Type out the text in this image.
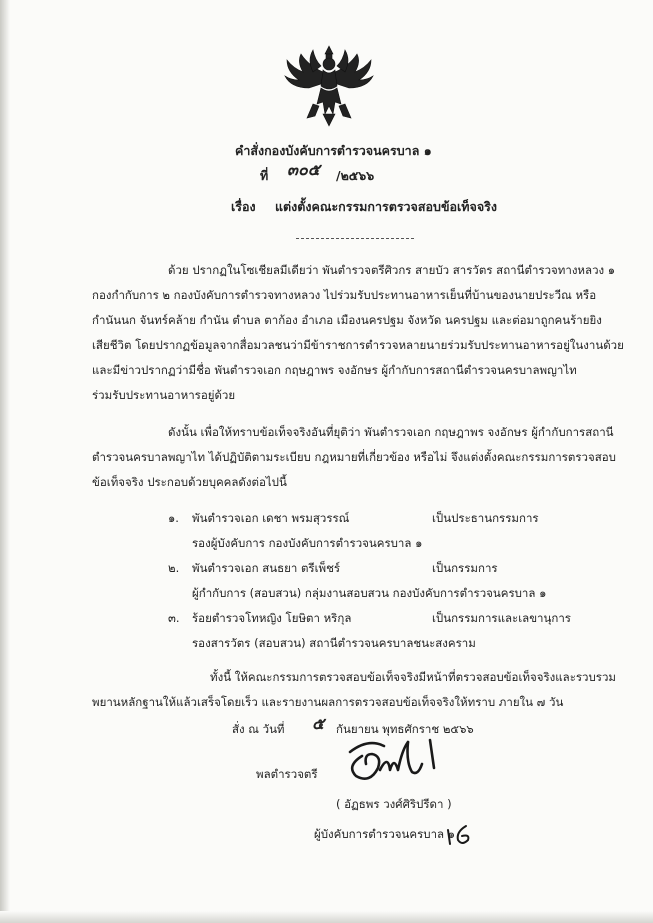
คำสั่งกองบังคับการตำรวจนครบาล ๑
ที่ ๓๐๕ /๒๕๖๖
เรื่อง แต่งตั้งคณะกรรมการตรวจสอบข้อเท็จจริง
ด้วย ปรากฏในโซเชียลมีเดียว่า พันตำรวจตรีศิวกร สายบัว สารวัตร สถานีตำรวจทางหลวง ๑
กองกำกับการ ๒ กองบังคับการตำรวจทางหลวง ไปร่วมรับประทานอาหารเย็นที่บ้านของนายประวีณ หรือ
กำนันนก จันทร์คล้าย กำนัน ตำบล ตาก้อง อำเภอ เมืองนครปฐม จังหวัด นครปฐม และต่อมาถูกคนร้ายยิง
เสียชีวิต โดยปรากฏข้อมูลจากสื่อมวลชนว่ามีข้าราชการตำรวจหลายนายร่วมรับประทานอาหารอยู่ในงานด้วย
และมีข่าวปรากฏว่ามีชื่อ พันตำรวจเอก กฤษฎาพร จงอักษร ผู้กำกับการสถานีตำรวจนครบาลพญาไท
ร่วมรับประทานอาหารอยู่ด้วย
ดังนั้น เพื่อให้ทราบข้อเท็จจริงอันที่ยุติว่า พันตำรวจเอก กฤษฎาพร จงอักษร ผู้กำกับการสถานี
ตำรวจนครบาลพญาไท ได้ปฏิบัติตามระเบียบ กฎหมายที่เกี่ยวข้อง หรือไม่ จึงแต่งตั้งคณะกรรมการตรวจสอบ
ข้อเท็จจริง ประกอบด้วยบุคคลดังต่อไปนี้
๑. พันตำรวจเอก เดชา พรมสุวรรณ์	เป็นประธานกรรมการ
รองผู้บังคับการ กองบังคับการตำรวจนครบาล ๑
๒. พันตำรวจเอก สนธยา ตรีเพ็ชร์	เป็นกรรมการ
ผู้กำกับการ (สอบสวน) กลุ่มงานสอบสวน กองบังคับการตำรวจนครบาล ๑
๓. ร้อยตำรวจโทหญิง โยษิตา หริกุล	เป็นกรรมการและเลขานุการ
รองสารวัตร (สอบสวน) สถานีตำรวจนครบาลชนะสงคราม
ทั้งนี้ ให้คณะกรรมการตรวจสอบข้อเท็จจริงมีหน้าที่ตรวจสอบข้อเท็จจริงและรวบรวม
พยานหลักฐานให้แล้วเสร็จโดยเร็ว และรายงานผลการตรวจสอบข้อเท็จจริงให้ทราบ ภายใน ๗ วัน
สั่ง ณ วันที่ ๕ กันยายน พุทธศักราช ๒๕๖๖
พลตำรวจตรี
( อัฏธพร วงศ์ศิริปรีดา )
ผู้บังคับการตำรวจนครบาล ๑
